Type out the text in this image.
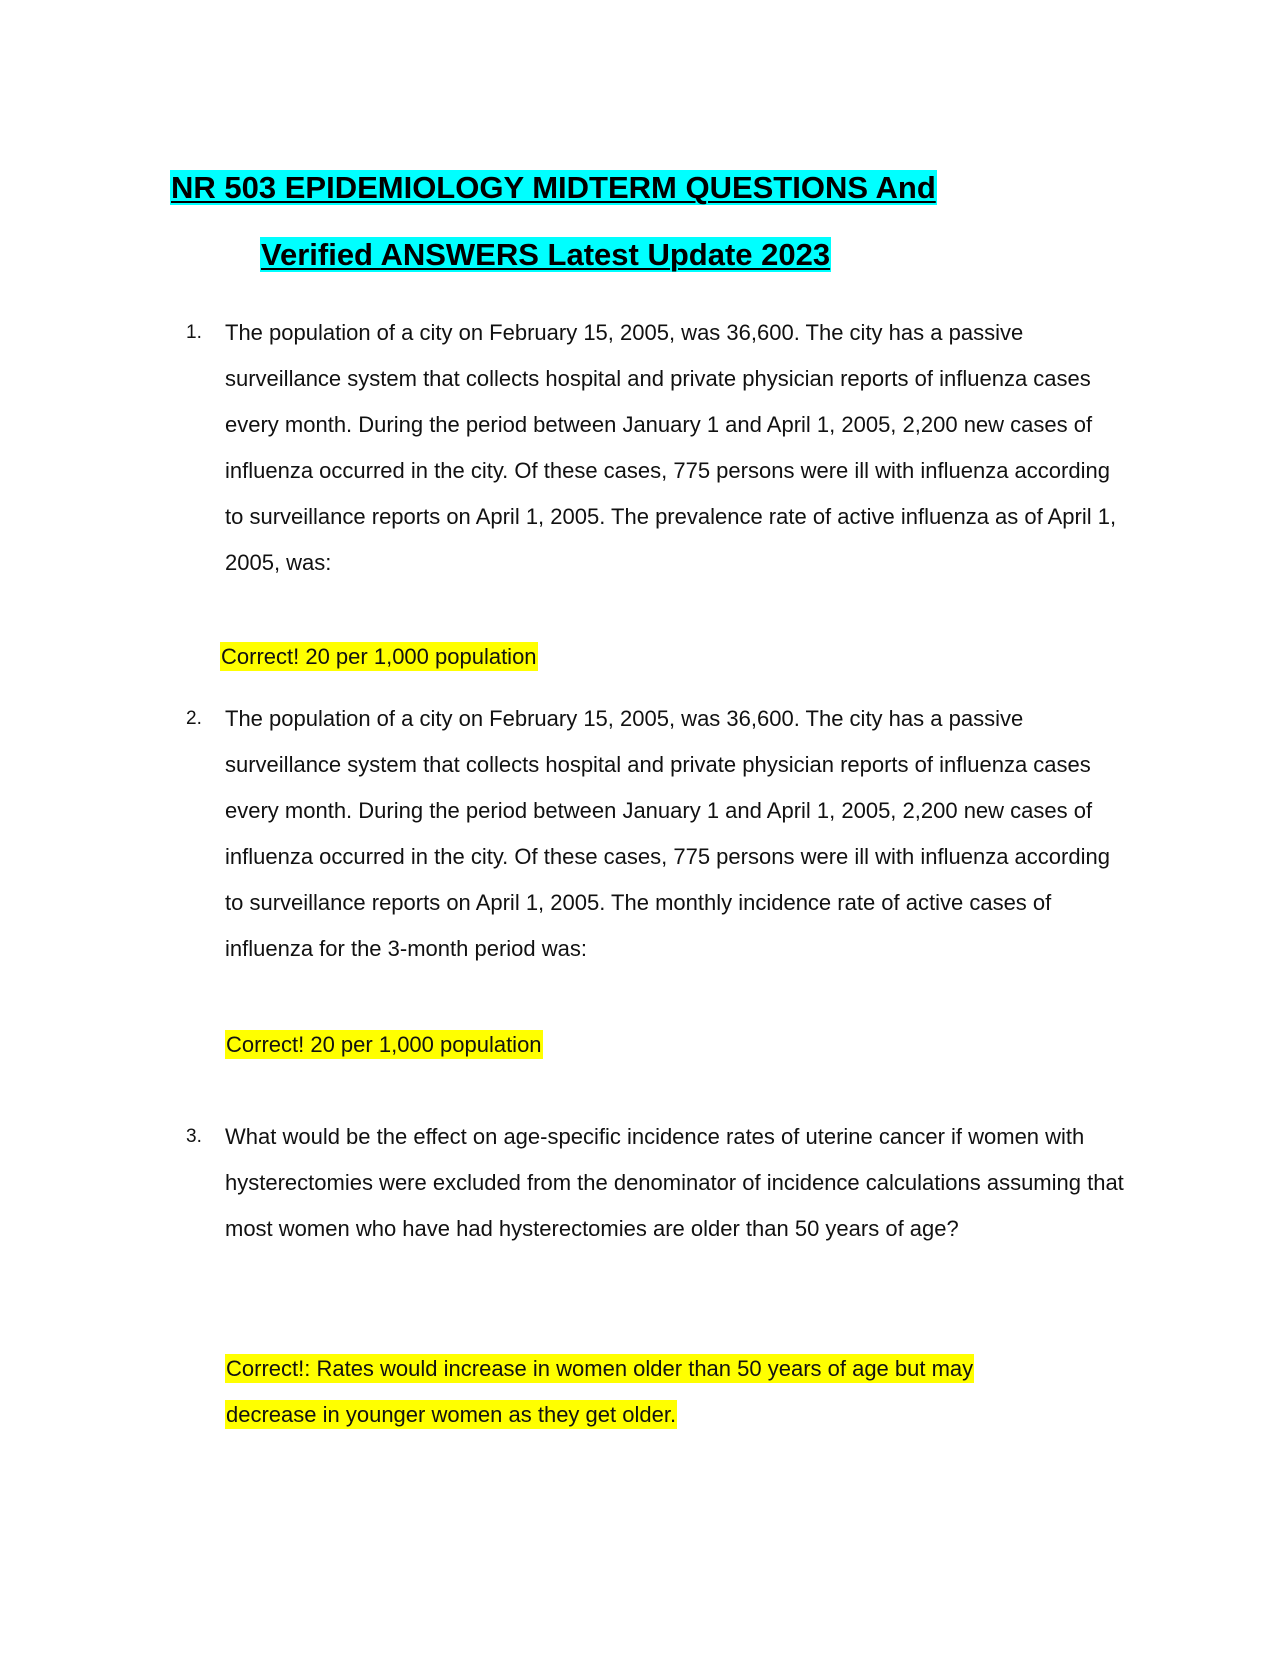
NR 503 EPIDEMIOLOGY MIDTERM QUESTIONS And
Verified ANSWERS Latest Update 2023
1. The population of a city on February 15, 2005, was 36,600. The city has a passive surveillance system that collects hospital and private physician reports of influenza cases every month. During the period between January 1 and April 1, 2005, 2,200 new cases of influenza occurred in the city. Of these cases, 775 persons were ill with influenza according to surveillance reports on April 1, 2005. The prevalence rate of active influenza as of April 1, 2005, was:
Correct! 20 per 1,000 population
2. The population of a city on February 15, 2005, was 36,600. The city has a passive surveillance system that collects hospital and private physician reports of influenza cases every month. During the period between January 1 and April 1, 2005, 2,200 new cases of influenza occurred in the city. Of these cases, 775 persons were ill with influenza according to surveillance reports on April 1, 2005. The monthly incidence rate of active cases of influenza for the 3-month period was:
Correct! 20 per 1,000 population
3. What would be the effect on age-specific incidence rates of uterine cancer if women with hysterectomies were excluded from the denominator of incidence calculations assuming that most women who have had hysterectomies are older than 50 years of age?
Correct!: Rates would increase in women older than 50 years of age but may decrease in younger women as they get older.
